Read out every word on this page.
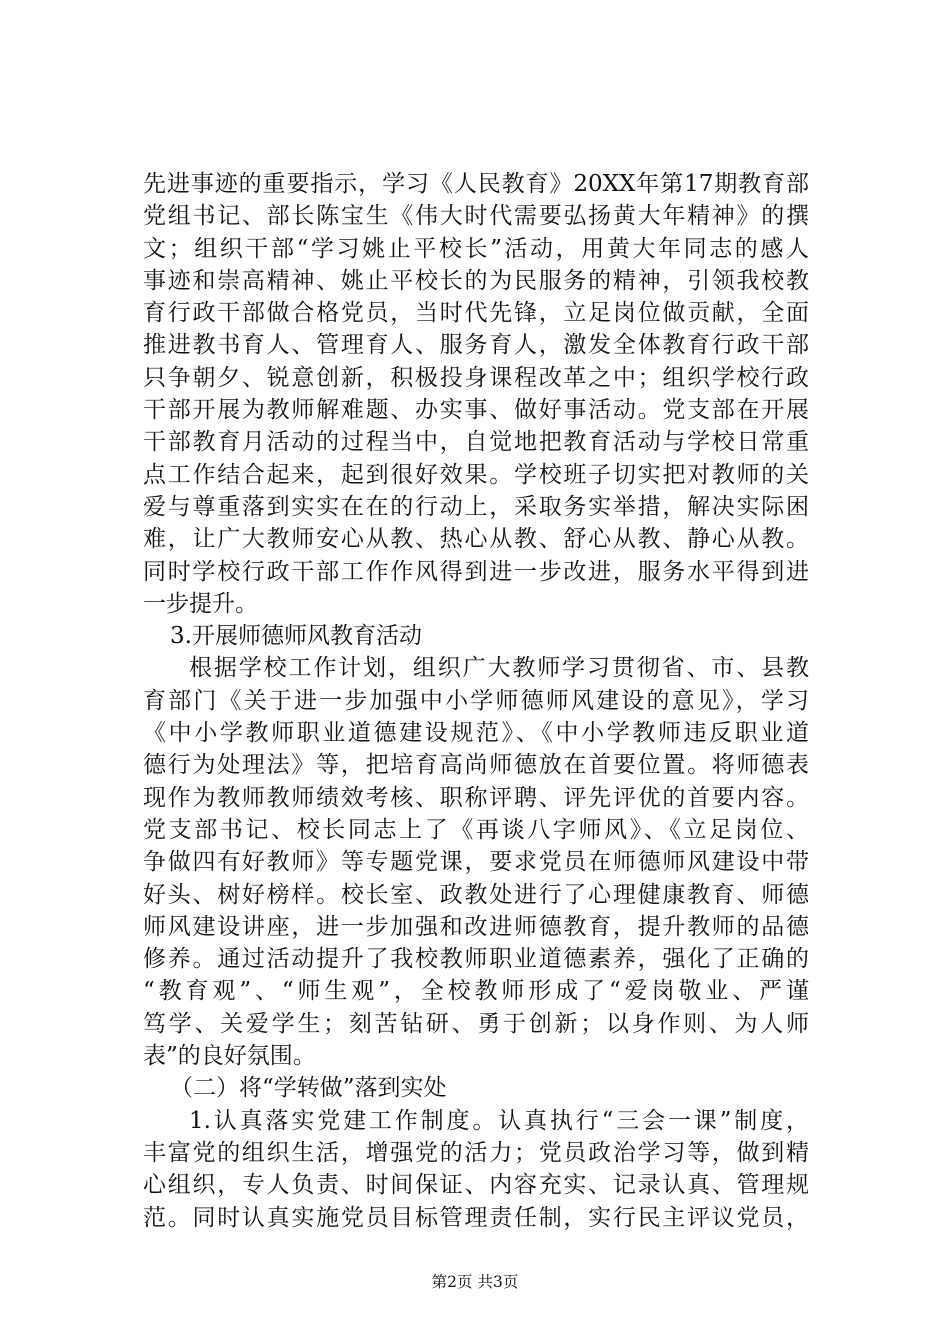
先进事迹的重要指示，学习《人民教育》20XX年第17期教育部
党组书记、部长陈宝生《伟大时代需要弘扬黄大年精神》的撰
文；组织干部“学习姚止平校长”活动，用黄大年同志的感人
事迹和崇高精神、姚止平校长的为民服务的精神，引领我校教
育行政干部做合格党员，当时代先锋，立足岗位做贡献，全面
推进教书育人、管理育人、服务育人，激发全体教育行政干部
只争朝夕、锐意创新，积极投身课程改革之中；组织学校行政
干部开展为教师解难题、办实事、做好事活动。党支部在开展
干部教育月活动的过程当中，自觉地把教育活动与学校日常重
点工作结合起来，起到很好效果。学校班子切实把对教师的关
爱与尊重落到实实在在的行动上，采取务实举措，解决实际困
难，让广大教师安心从教、热心从教、舒心从教、静心从教。
同时学校行政干部工作作风得到进一步改进，服务水平得到进
一步提升。
3.开展师德师风教育活动
根据学校工作计划，组织广大教师学习贯彻省、市、县教
育部门《关于进一步加强中小学师德师风建设的意见》，学习
《中小学教师职业道德建设规范》、《中小学教师违反职业道
德行为处理法》等，把培育高尚师德放在首要位置。将师德表
现作为教师教师绩效考核、职称评聘、评先评优的首要内容。
党支部书记、校长同志上了《再谈八字师风》、《立足岗位、
争做四有好教师》等专题党课，要求党员在师德师风建设中带
好头、树好榜样。校长室、政教处进行了心理健康教育、师德
师风建设讲座，进一步加强和改进师德教育，提升教师的品德
修养。通过活动提升了我校教师职业道德素养，强化了正确的
“教育观”、“师生观”，全校教师形成了“爱岗敬业、严谨
笃学、关爱学生；刻苦钻研、勇于创新；以身作则、为人师
表”的良好氛围。
（二）将“学转做”落到实处
1.认真落实党建工作制度。认真执行“三会一课”制度，
丰富党的组织生活，增强党的活力；党员政治学习等，做到精
心组织，专人负责、时间保证、内容充实、记录认真、管理规
范。同时认真实施党员目标管理责任制，实行民主评议党员，
第2页 共3页
